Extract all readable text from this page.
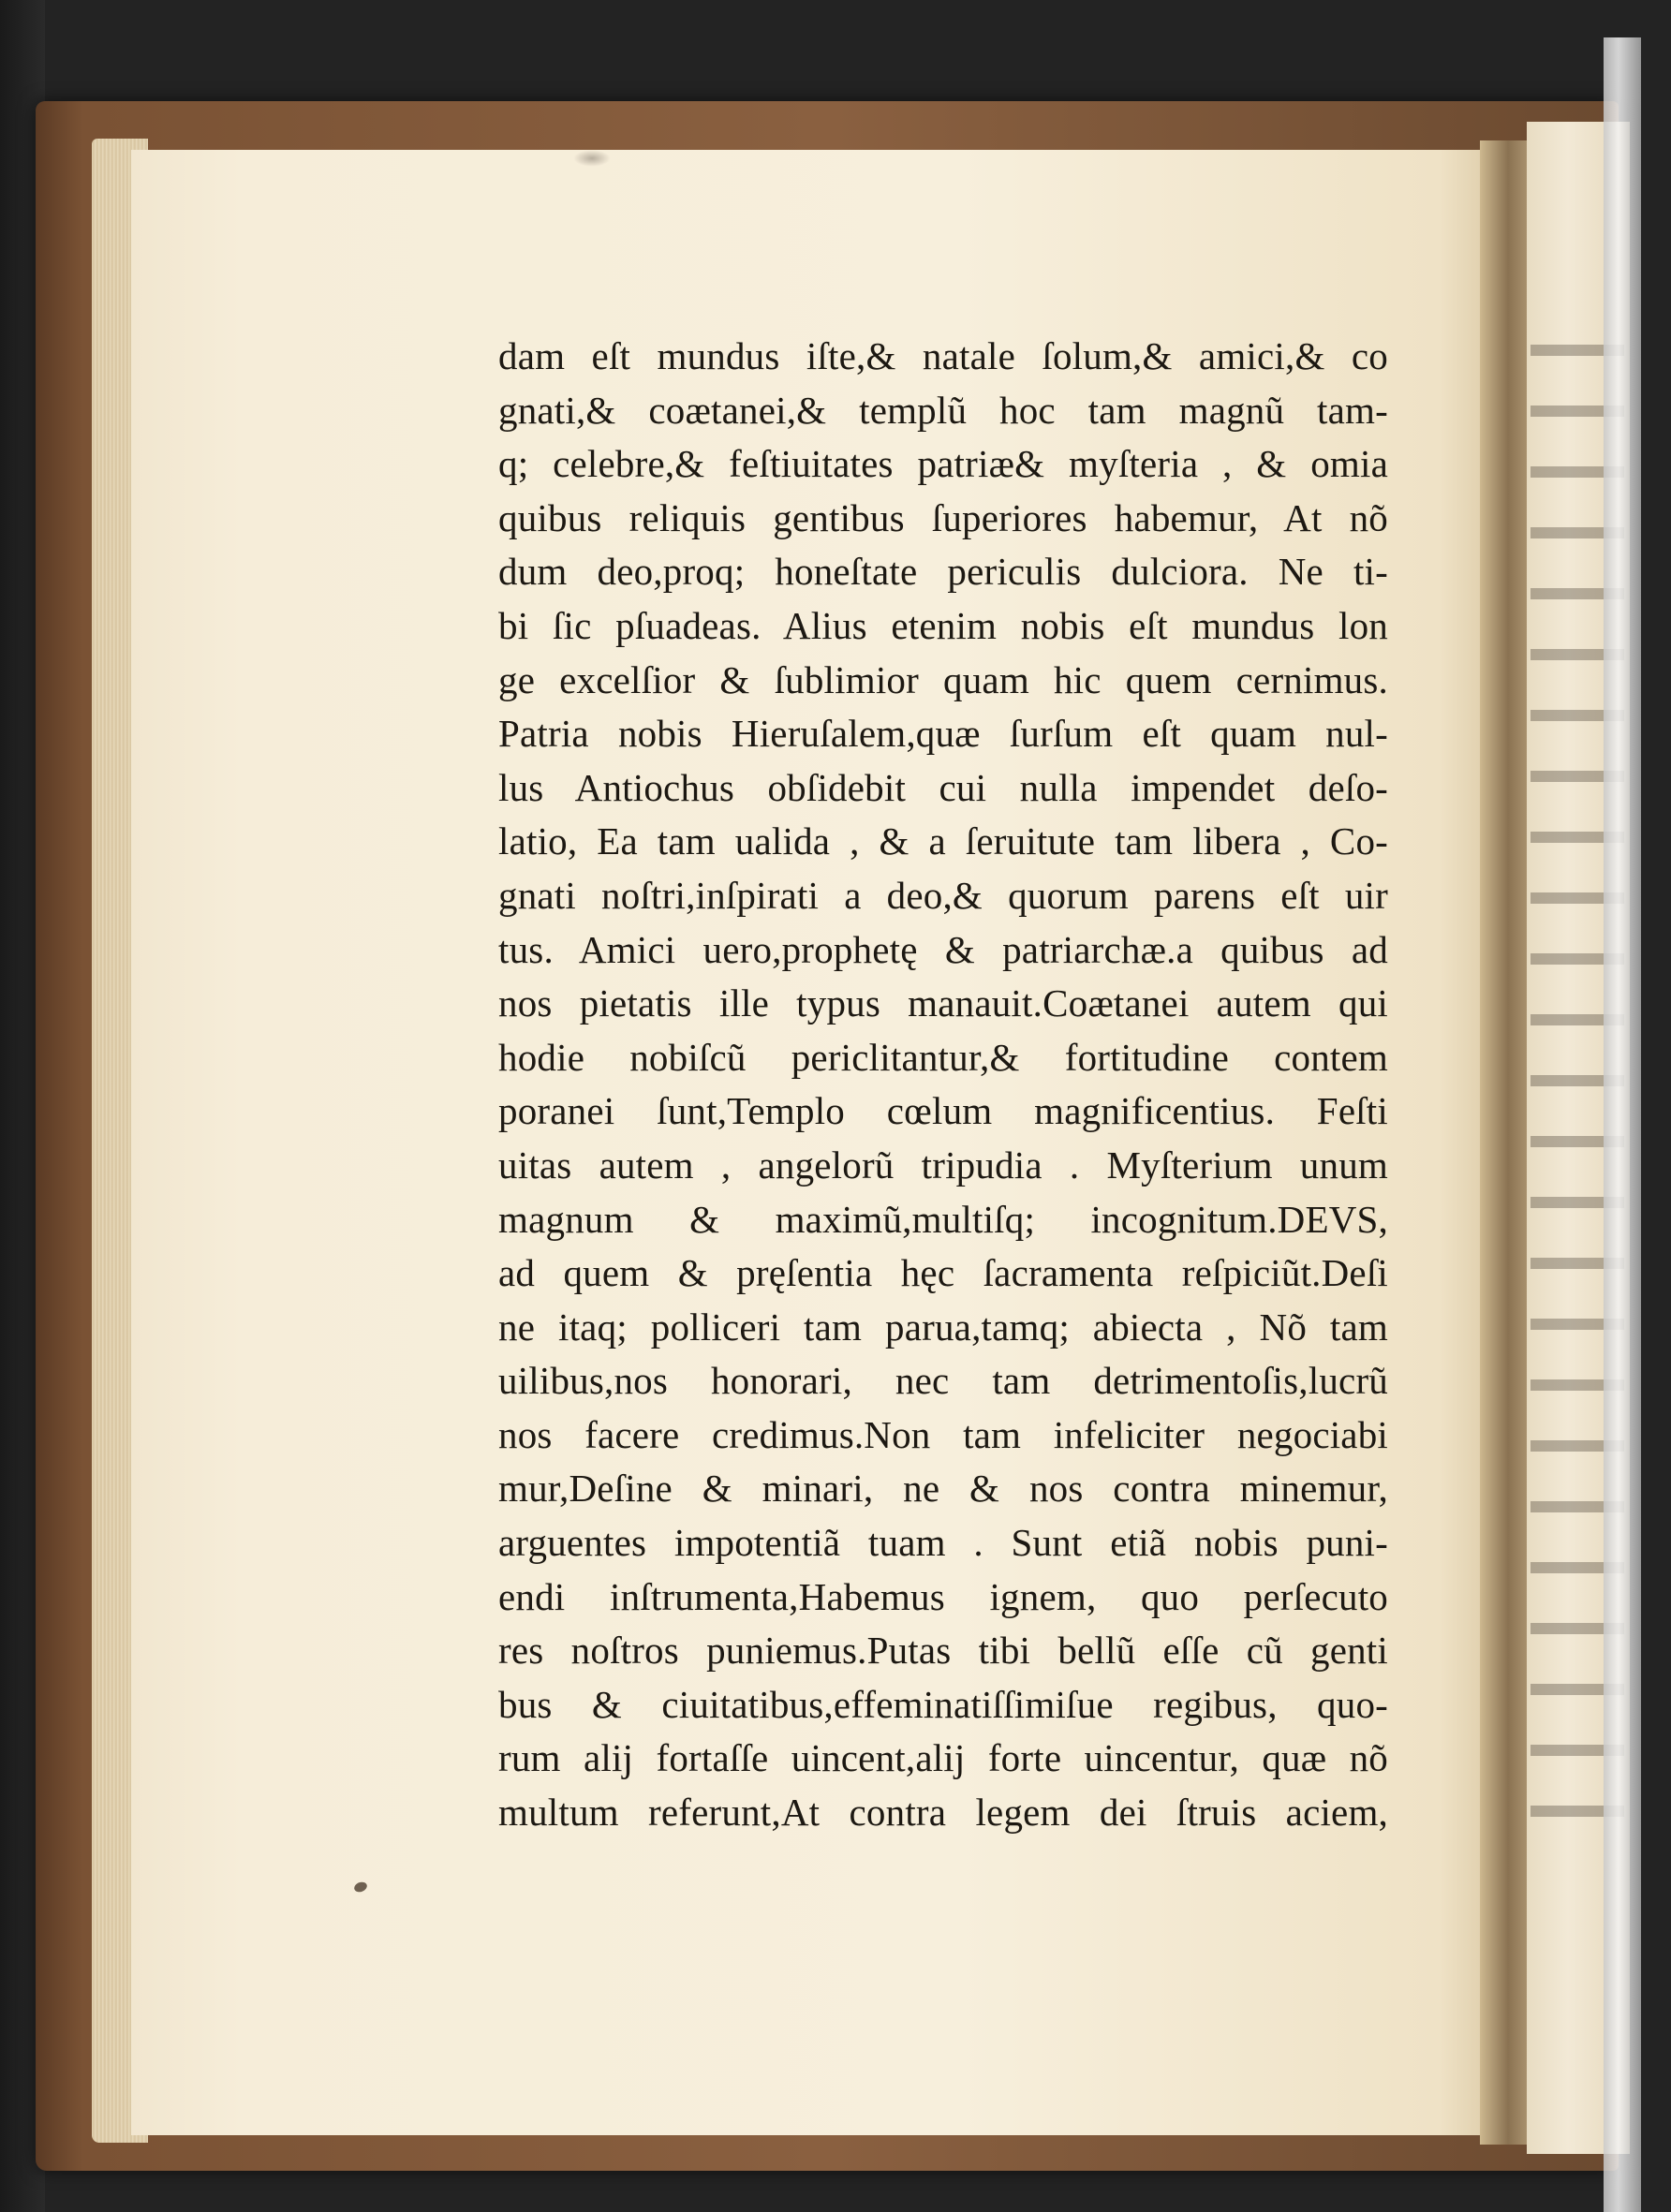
dam eſt mundus iſte,& natale ſolum,& amici,& co
gnati,& coætanei,& templũ hoc tam magnũ tam-
q; celebre,& feſtiuitates patriæ& myſteria , & omia
quibus reliquis gentibus ſuperiores habemur, At nõ
dum deo,proq; honeſtate periculis dulciora. Ne ti-
bi ſic pſuadeas. Alius etenim nobis eſt mundus lon
ge excelſior & ſublimior quam hic quem cernimus.
Patria nobis Hieruſalem,quæ ſurſum eſt quam nul-
lus Antiochus obſidebit cui nulla impendet deſo-
latio, Ea tam ualida , & a ſeruitute tam libera , Co-
gnati noſtri,inſpirati a deo,& quorum parens eſt uir
tus. Amici uero,prophetę & patriarchæ.a quibus ad
nos pietatis ille typus manauit.Coætanei autem qui
hodie nobiſcũ periclitantur,& fortitudine contem
poranei ſunt,Templo cœlum magnificentius. Feſti
uitas autem , angelorũ tripudia . Myſterium unum
magnum & maximũ,multiſq; incognitum.DEVS,
ad quem & pręſentia hęc ſacramenta reſpiciũt.Deſi
ne itaq; polliceri tam parua,tamq; abiecta , Nõ tam
uilibus,nos honorari, nec tam detrimentoſis,lucrũ
nos facere credimus.Non tam infeliciter negociabi
mur,Deſine & minari, ne & nos contra minemur,
arguentes impotentiã tuam . Sunt etiã nobis puni-
endi inſtrumenta,Habemus ignem, quo perſecuto
res noſtros puniemus.Putas tibi bellũ eſſe cũ genti
bus & ciuitatibus,effeminatiſſimiſue regibus, quo-
rum alij fortaſſe uincent,alij forte uincentur, quæ nõ
multum referunt,At contra legem dei ſtruis aciem,
